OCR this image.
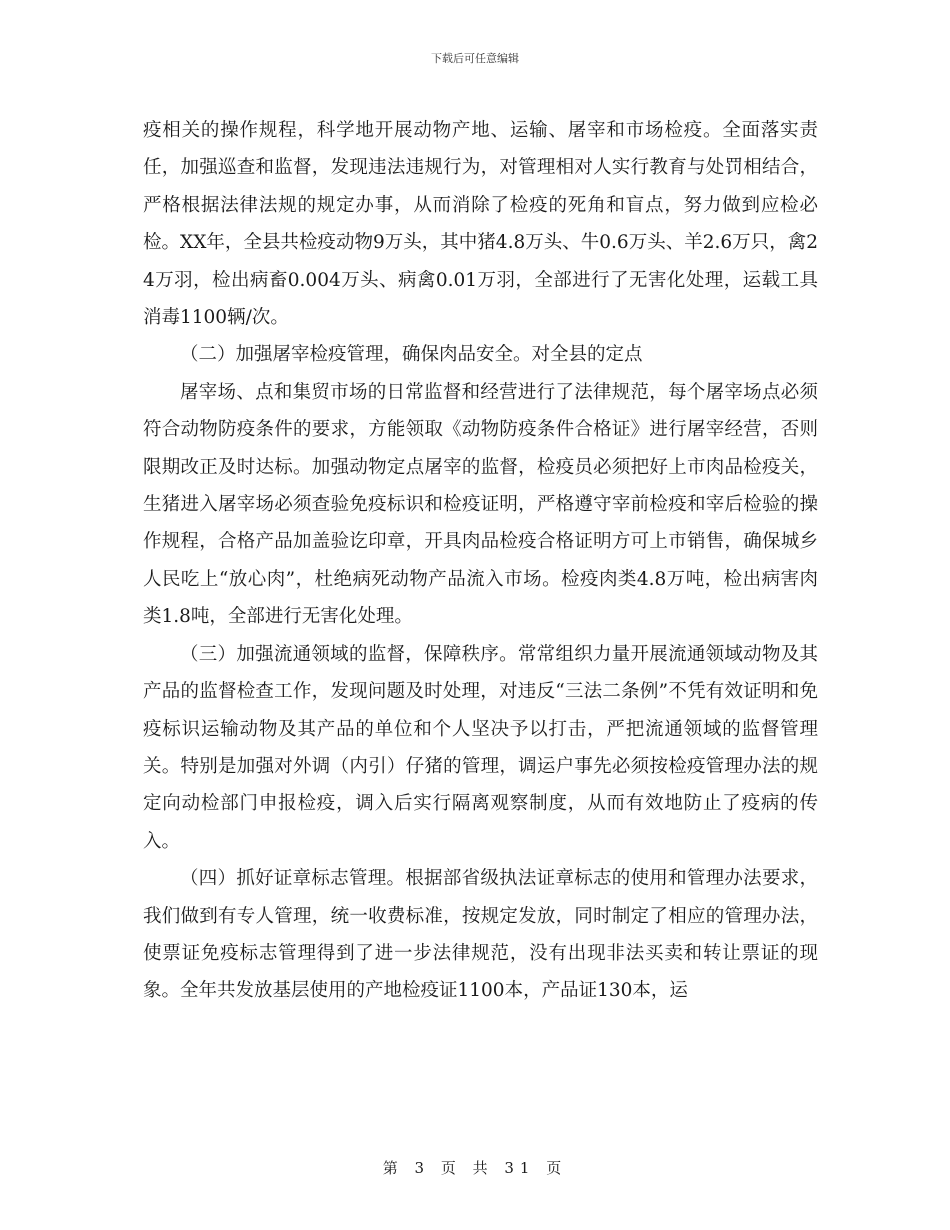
下载后可任意编辑

疫相关的操作规程，科学地开展动物产地、运输、屠宰和市场检疫。全面落实责任，加强巡查和监督，发现违法违规行为，对管理相对人实行教育与处罚相结合，严格根据法律法规的规定办事，从而消除了检疫的死角和盲点，努力做到应检必检。XX年，全县共检疫动物9万头，其中猪4.8万头、牛0.6万头、羊2.6万只，禽24万羽，检出病畜0.004万头、病禽0.01万羽，全部进行了无害化处理，运载工具消毒1100辆/次。

（二）加强屠宰检疫管理，确保肉品安全。对全县的定点

屠宰场、点和集贸市场的日常监督和经营进行了法律规范，每个屠宰场点必须符合动物防疫条件的要求，方能领取《动物防疫条件合格证》进行屠宰经营，否则限期改正及时达标。加强动物定点屠宰的监督，检疫员必须把好上市肉品检疫关，生猪进入屠宰场必须查验免疫标识和检疫证明，严格遵守宰前检疫和宰后检验的操作规程，合格产品加盖验讫印章，开具肉品检疫合格证明方可上市销售，确保城乡人民吃上“放心肉”，杜绝病死动物产品流入市场。检疫肉类4.8万吨，检出病害肉类1.8吨，全部进行无害化处理。

（三）加强流通领域的监督，保障秩序。常常组织力量开展流通领域动物及其产品的监督检查工作，发现问题及时处理，对违反“三法二条例”不凭有效证明和免疫标识运输动物及其产品的单位和个人坚决予以打击，严把流通领域的监督管理关。特别是加强对外调（内引）仔猪的管理，调运户事先必须按检疫管理办法的规定向动检部门申报检疫，调入后实行隔离观察制度，从而有效地防止了疫病的传入。

（四）抓好证章标志管理。根据部省级执法证章标志的使用和管理办法要求，我们做到有专人管理，统一收费标准，按规定发放，同时制定了相应的管理办法，使票证免疫标志管理得到了进一步法律规范，没有出现非法买卖和转让票证的现象。全年共发放基层使用的产地检疫证1100本，产品证130本，运

第 3 页 共 31 页
